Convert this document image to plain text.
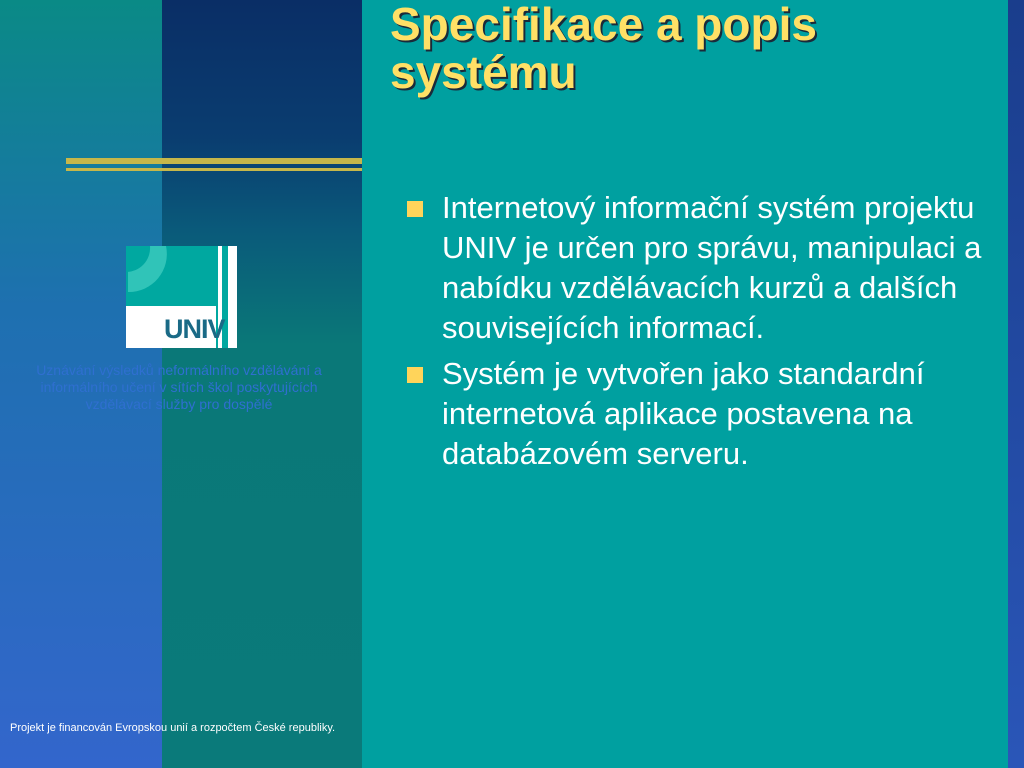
UNIV
Uznávání výsledků neformálního vzdělávání a informálního učení v sítích škol poskytujících vzdělávací služby pro dospělé
Projekt je financován Evropskou unií a rozpočtem České republiky.
Specifikace a popis
systému
Internetový informační systém projektu UNIV je určen pro správu, manipulaci a nabídku vzdělávacích kurzů a dalších souvisejících informací.
Systém je vytvořen jako standardní internetová aplikace postavena na databázovém serveru.
